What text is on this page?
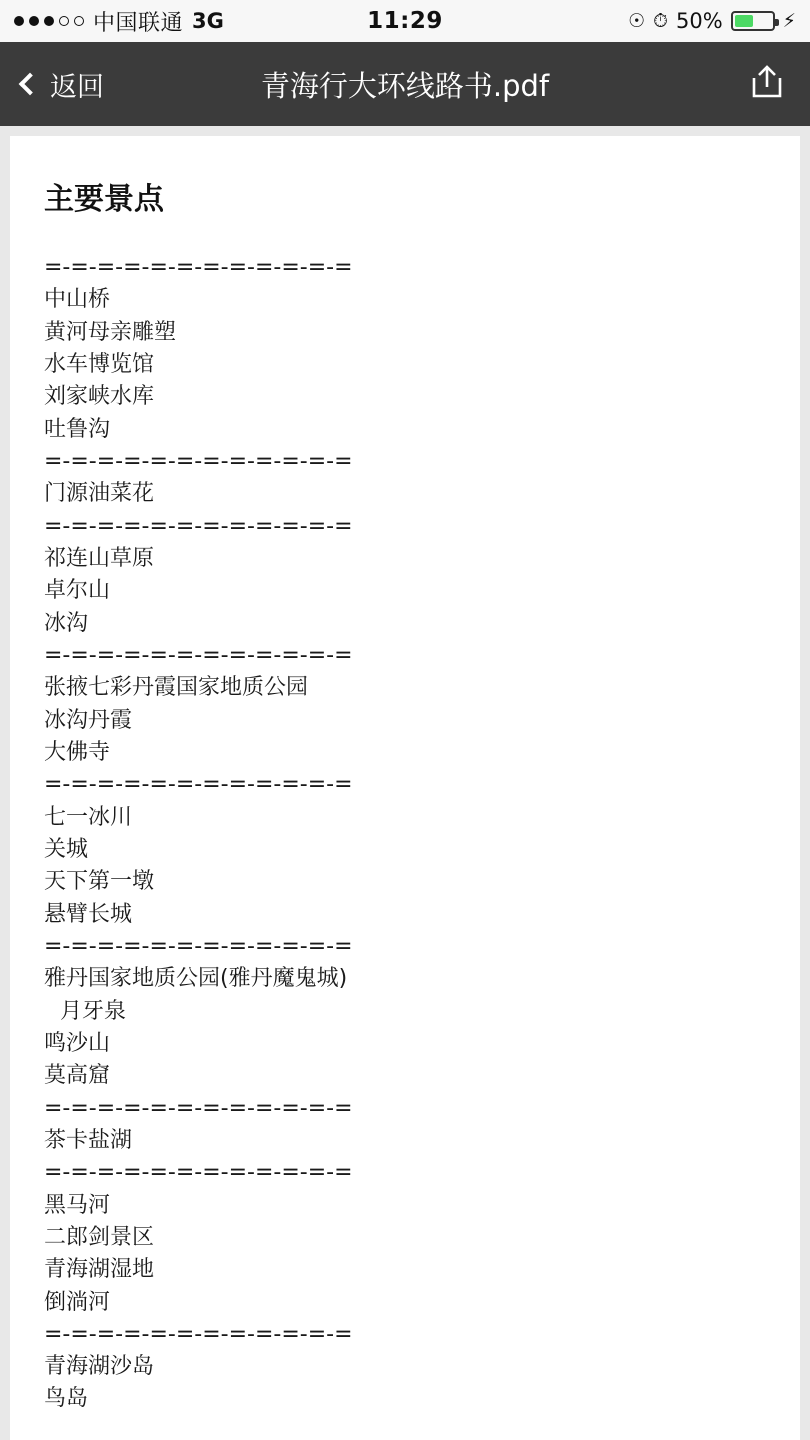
中国联通 3G	11:29	☉ ⏱ 50%	⚡
返回	青海行大环线路书.pdf
主要景点
=-=-=-=-=-=-=-=-=-=-=-=
中山桥
黄河母亲雕塑
水车博览馆
刘家峡水库
吐鲁沟
=-=-=-=-=-=-=-=-=-=-=-=
门源油菜花
=-=-=-=-=-=-=-=-=-=-=-=
祁连山草原
卓尔山
冰沟
=-=-=-=-=-=-=-=-=-=-=-=
张掖七彩丹霞国家地质公园
冰沟丹霞
大佛寺
=-=-=-=-=-=-=-=-=-=-=-=
七一冰川
关城
天下第一墩
悬臂长城
=-=-=-=-=-=-=-=-=-=-=-=
雅丹国家地质公园(雅丹魔鬼城)
月牙泉
鸣沙山
莫高窟
=-=-=-=-=-=-=-=-=-=-=-=
茶卡盐湖
=-=-=-=-=-=-=-=-=-=-=-=
黑马河
二郎剑景区
青海湖湿地
倒淌河
=-=-=-=-=-=-=-=-=-=-=-=
青海湖沙岛
鸟岛
